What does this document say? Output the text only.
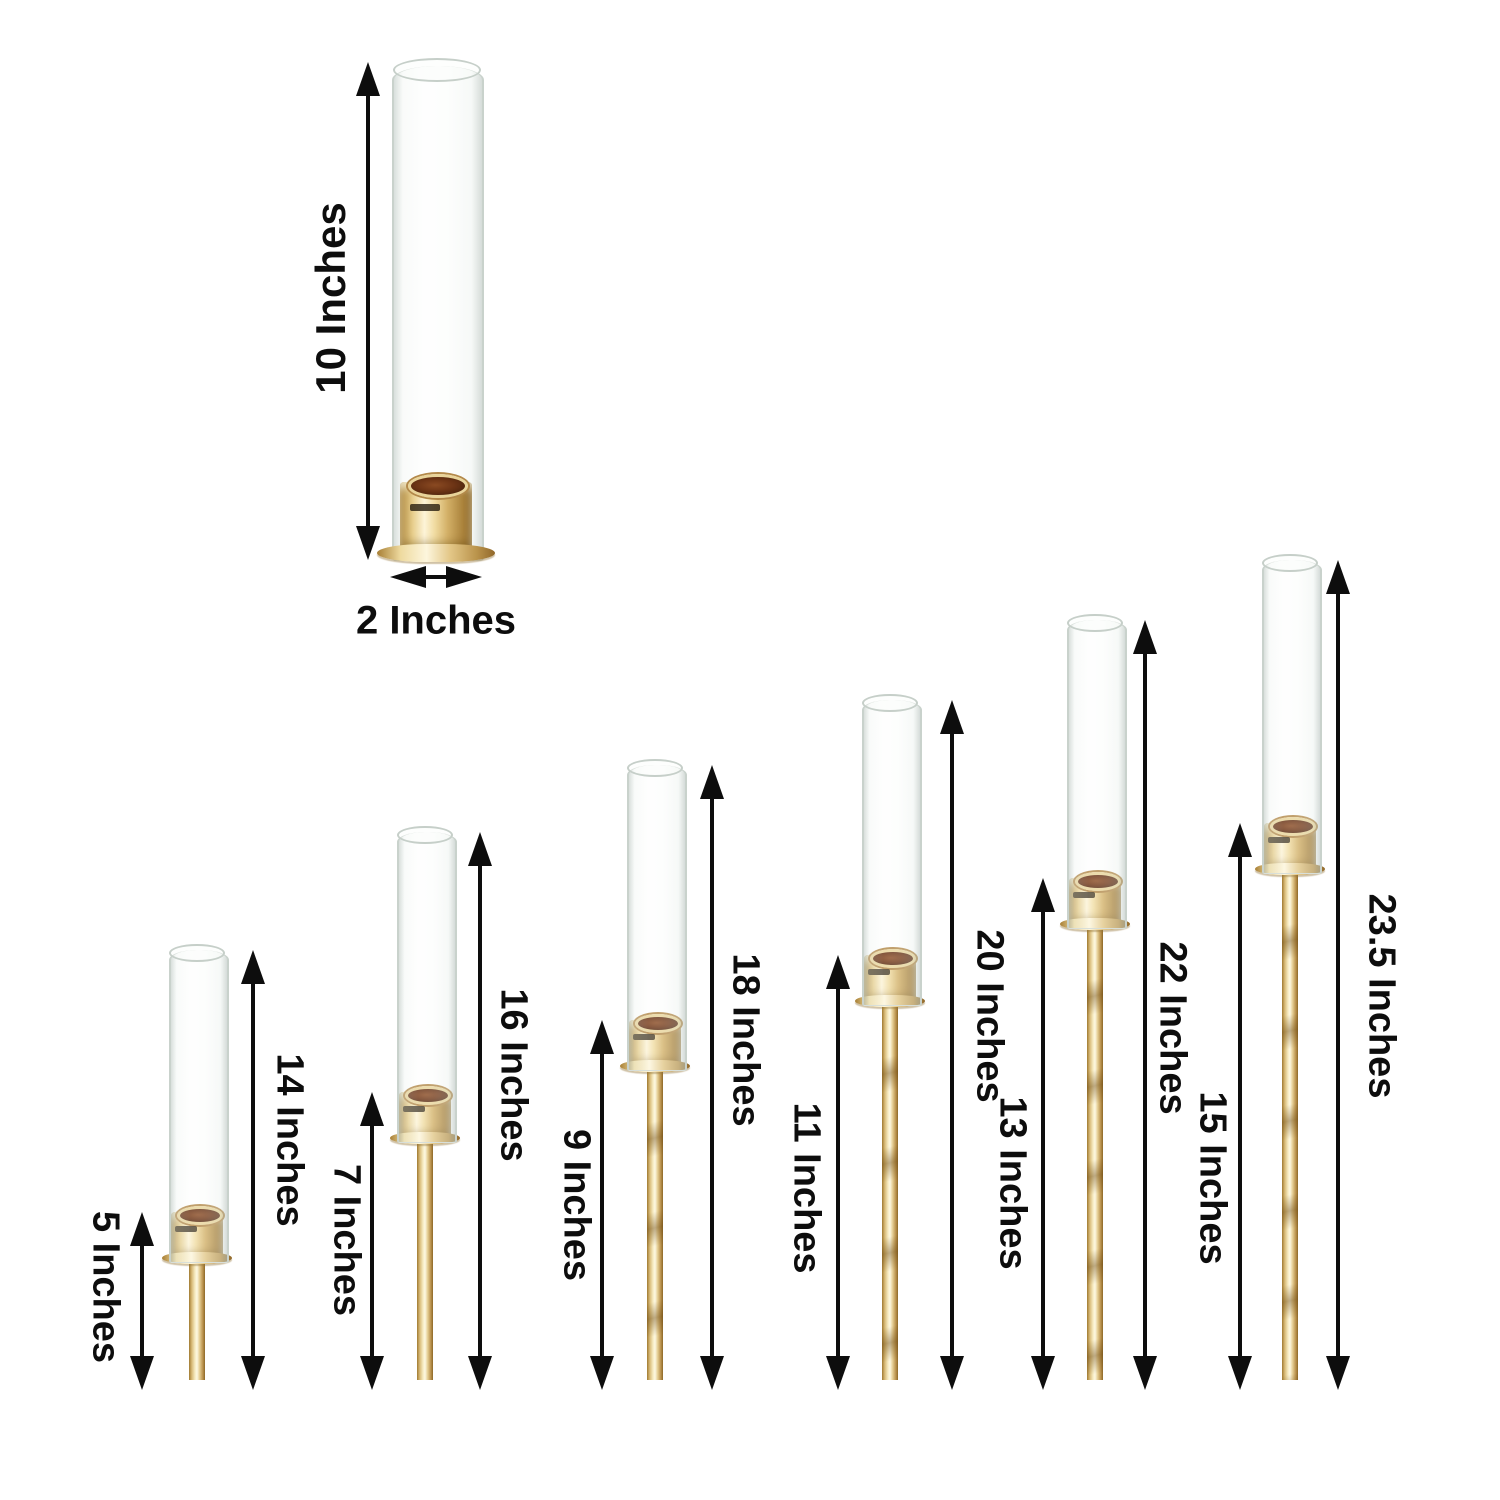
10 Inches
2 Inches
5 Inches
14 Inches
7 Inches
16 Inches
9 Inches
18 Inches
11 Inches
20 Inches
13 Inches
22 Inches
15 Inches
23.5 Inches
